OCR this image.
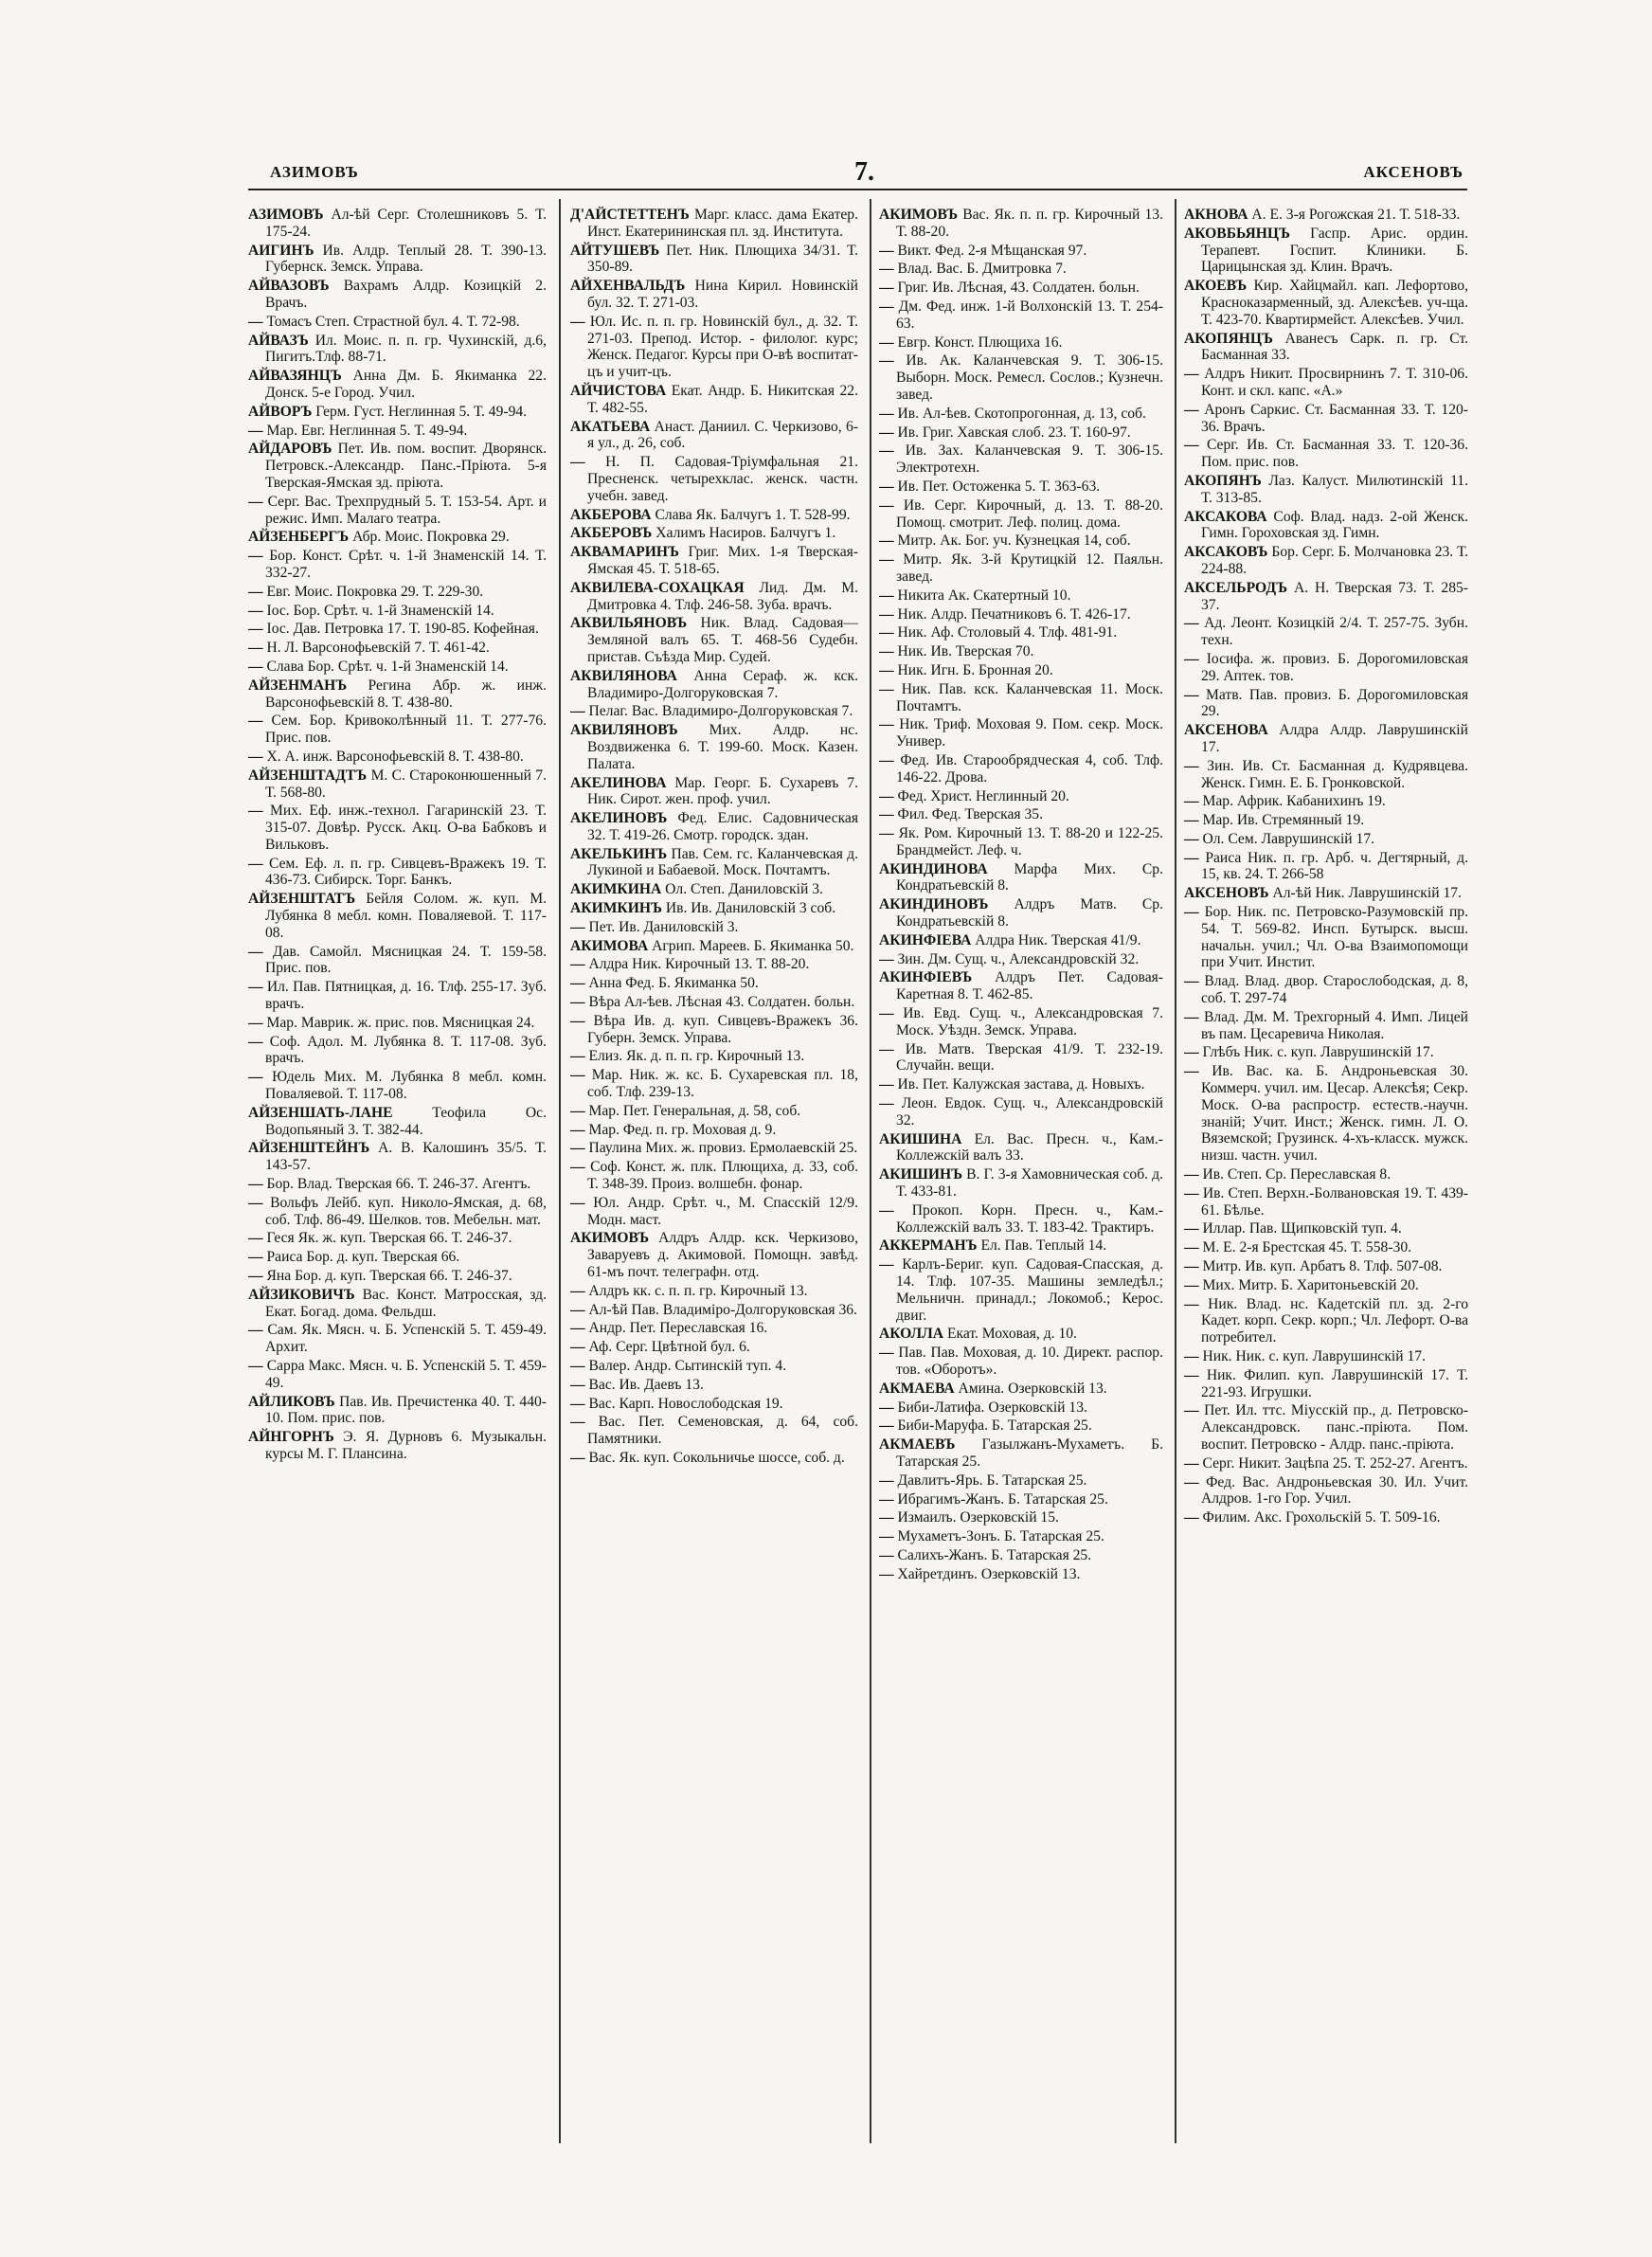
АЗИМОВЪ	7.	АКСЕНОВЪ

АЗИМОВЪ Ал-ѣй Серг. Столешниковъ 5. Т. 175-24.

АИГИНЪ Ив. Алдр. Теплый 28. Т. 390-13. Губернск. Земск. Управа.

АЙВАЗОВЪ Вахрамъ Алдр. Козицкій 2. Врачъ.

— Томасъ Степ. Страстной бул. 4. Т. 72-98.

АЙВАЗЪ Ил. Моис. п. п. гр. Чухинскій, д.6, Пигитъ.Тлф. 88-71.

АЙВАЗЯНЦЪ Анна Дм. Б. Якиманка 22. Донск. 5-е Город. Учил.

АЙВОРЪ Герм. Густ. Неглинная 5. Т. 49-94.

— Мар. Евг. Неглинная 5. Т. 49-94.

АЙДАРОВЪ Пет. Ив. пом. воспит. Дворянск. Петровск.-Александр. Панс.-Пріюта. 5-я Тверская-Ямская зд. пріюта.

— Серг. Вас. Трехпрудный 5. Т. 153-54. Арт. и режис. Имп. Малаго театра.

АЙЗЕНБЕРГЪ Абр. Моис. Покровка 29.

— Бор. Конст. Срѣт. ч. 1-й Знаменскій 14. Т. 332-27.

— Евг. Моис. Покровка 29. Т. 229-30.

— Іос. Бор. Срѣт. ч. 1-й Знаменскій 14.

— Іос. Дав. Петровка 17. Т. 190-85. Кофейная.

— Н. Л. Варсонофьевскій 7. Т. 461-42.

— Слава Бор. Срѣт. ч. 1-й Знаменскій 14.

АЙЗЕНМАНЪ Регина Абр. ж. инж. Варсонофьевскій 8. Т. 438-80.

— Сем. Бор. Кривоколѣнный 11. Т. 277-76. Прис. пов.

— Х. А. инж. Варсонофьевскій 8. Т. 438-80.

АЙЗЕНШТАДТЪ М. С. Староконюшенный 7. Т. 568-80.

— Мих. Еф. инж.-технол. Гагаринскій 23. Т. 315-07. Довѣр. Русск. Акц. О-ва Бабковъ и Вильковъ.

— Сем. Еф. л. п. гр. Сивцевъ-Вражекъ 19. Т. 436-73. Сибирск. Торг. Банкъ.

АЙЗЕНШТАТЪ Бейля Солом. ж. куп. М. Лубянка 8 мебл. комн. Поваляевой. Т. 117-08.

— Дав. Самойл. Мясницкая 24. Т. 159-58. Прис. пов.

— Ил. Пав. Пятницкая, д. 16. Тлф. 255-17. Зуб. врачъ.

— Мар. Маврик. ж. прис. пов. Мясницкая 24.

— Соф. Адол. М. Лубянка 8. Т. 117-08. Зуб. врачъ.

— Юдель Мих. М. Лубянка 8 мебл. комн. Поваляевой. Т. 117-08.

АЙЗЕНШАТЬ-ЛАНЕ	Теофила Ос. Водопьяный 3. Т. 382-44.

АЙЗЕНШТЕЙНЪ А. В. Калошинъ 35/5. Т. 143-57.

— Бор. Влад. Тверская 66. Т. 246-37. Агентъ.

— Вольфъ Лейб. куп. Николо-Ямская, д. 68, соб. Тлф. 86-49. Шелков. тов. Мебельн. мат.

— Геся Як. ж. куп. Тверская 66. Т. 246-37.

— Раиса Бор. д. куп. Тверская 66.

— Яна Бор. д. куп. Тверская 66. Т. 246-37.

АЙЗИКОВИЧЪ Вас. Конст. Матросская, зд. Екат. Богад. дома. Фельдш.

— Сам. Як. Мясн. ч. Б. Успенскій 5. Т. 459-49. Архит.

— Сарра Макс. Мясн. ч. Б. Успенскій 5. Т. 459-49.

АЙЛИКОВЪ Пав. Ив. Пречистенка 40. Т. 440-10. Пом. прис. пов.

АЙНГОРНЪ Э. Я. Дурновъ 6. Музыкальн. курсы М. Г. Плансина.

Д'АЙСТЕТТЕНЪ Марг. класс. дама Екатер. Инст. Екатерининская пл. зд. Института.

АЙТУШЕВЪ Пет. Ник. Плющиха 34/31. Т. 350-89.

АЙХЕНВАЛЬДЪ Нина Кирил. Новинскій бул. 32. Т. 271-03.

— Юл. Ис. п. п. гр. Новинскій бул., д. 32. Т. 271-03. Препод. Истор. - филолог. курс; Женск. Педагог. Курсы при О-вѣ воспитат-цъ и учит-цъ.

АЙЧИСТОВА Екат. Андр. Б. Никитская 22. Т. 482-55.

АКАТЬЕВА Анаст. Даниил. С. Черкизово, 6-я ул., д. 26, соб.

— Н. П. Садовая-Тріумфальная 21. Пресненск. четырехклас. женск. частн. учебн. завед.

АКБЕРОВА Слава Як. Балчугъ 1. Т. 528-99.

АКБЕРОВЪ Халимъ Насиров. Балчугъ 1.

АКВАМАРИНЪ Григ. Мих. 1-я Тверская-Ямская 45. Т. 518-65.

АКВИЛЕВА-СОХАЦКАЯ Лид. Дм. М. Дмитровка 4. Тлф. 246-58. Зуба. врачъ.

АКВИЛЬЯНОВЪ Ник. Влад. Садовая—Земляной валъ 65. Т. 468-56 Судебн. пристав. Съѣзда Мир. Судей.

АКВИЛЯНОВА Анна Сераф. ж. кск. Владимиро-Долгоруковская 7.

— Пелаг. Вас. Владимиро-Долгоруковская 7.

АКВИЛЯНОВЪ Мих. Алдр. нс. Воздвиженка 6. Т. 199-60. Моск. Казен. Палата.

АКЕЛИНОВА Мар. Георг. Б. Сухаревъ 7. Ник. Сирот. жен. проф. учил.

АКЕЛИНОВЪ Фед. Елис. Садовническая 32. Т. 419-26. Смотр. городск. здан.

АКЕЛЬКИНЪ Пав. Сем. гс. Каланчевская д. Лукиной и Бабаевой. Моск. Почтамтъ.

АКИМКИНА Ол. Степ. Даниловскій 3.

АКИМКИНЪ Ив. Ив. Даниловскій 3 соб.

— Пет. Ив. Даниловскій 3.

АКИМОВА Агрип. Мареев. Б. Якиманка 50.

— Алдра Ник. Кирочный 13. Т. 88-20.

— Анна Фед. Б. Якиманка 50.

— Вѣра Ал-ѣев. Лѣсная 43. Солдатен. больн.

— Вѣра Ив. д. куп. Сивцевъ-Вражекъ 36. Губерн. Земск. Управа.

— Елиз. Як. д. п. п. гр. Кирочный 13.

— Мар. Ник. ж. кс. Б. Сухаревская пл. 18, соб. Тлф. 239-13.

— Мар. Пет. Генеральная, д. 58, соб.

— Мар. Фед. п. гр. Моховая д. 9.

— Паулина Мих. ж. провиз. Ермолаевскій 25.

— Соф. Конст. ж. плк. Плющиха, д. 33, соб. Т. 348-39. Произ. волшебн. фонар.

— Юл. Андр. Срѣт. ч., М. Спасскій 12/9. Модн. маст.

АКИМОВЪ Алдръ Алдр. кск. Черкизово, Заваруевъ д. Акимовой. Помощн. завѣд. 61-мъ почт. телеграфн. отд.

— Алдръ кк. с. п. п. гр. Кирочный 13.

— Ал-ѣй Пав. Владиміро-Долгоруковская 36.

— Андр. Пет. Переславская 16.

— Аф. Серг. Цвѣтной бул. 6.

— Валер. Андр. Сытинскій туп. 4.

— Вас. Ив. Даевъ 13.

— Вас. Карп. Новослободская 19.

— Вас. Пет. Семеновская, д. 64, соб. Памятники.

— Вас. Як. куп. Сокольничье шоссе, соб. д.

АКИМОВЪ Вас. Як. п. п. гр. Кирочный 13. Т. 88-20.

— Викт. Фед. 2-я Мѣщанская 97.

— Влад. Вас. Б. Дмитровка 7.

— Григ. Ив. Лѣсная, 43. Солдатен. больн.

— Дм. Фед. инж. 1-й Волхонскій 13. Т. 254-63.

— Евгр. Конст. Плющиха 16.

— Ив. Ак. Каланчевская 9. Т. 306-15. Выборн. Моск. Ремесл. Сослов.; Кузнечн. завед.

— Ив. Ал-ѣев. Скотопрогонная, д. 13, соб.

— Ив. Григ. Хавская слоб. 23. Т. 160-97.

— Ив. Зах. Каланчевская 9. Т. 306-15. Электротехн.

— Ив. Пет. Остоженка 5. Т. 363-63.

— Ив. Серг. Кирочный, д. 13. Т. 88-20. Помощ. смотрит. Леф. полиц. дома.

— Митр. Ак. Бог. уч. Кузнецкая 14, соб.

— Митр. Як. 3-й Крутицкій 12. Паяльн. завед.

— Никита Ак. Скатертный 10.

— Ник. Алдр. Печатниковъ 6. Т. 426-17.

— Ник. Аф. Столовый 4. Тлф. 481-91.

— Ник. Ив. Тверская 70.

— Ник. Игн. Б. Бронная 20.

— Ник. Пав. кск. Каланчевская 11. Моск. Почтамтъ.

— Ник. Триф. Моховая 9. Пом. секр. Моск. Универ.

— Фед. Ив. Старообрядческая 4, соб. Тлф. 146-22. Дрова.

— Фед. Христ. Неглинный 20.

— Фил. Фед. Тверская 35.

— Як. Ром. Кирочный 13. Т. 88-20 и 122-25. Брандмейст. Леф. ч.

АКИНДИНОВА Марфа Мих. Ср. Кондратьевскій 8.

АКИНДИНОВЪ Алдръ Матв. Ср. Кондратьевскій 8.

АКИНФІЕВА Алдра Ник. Тверская 41/9.

— Зин. Дм. Сущ. ч., Александровскій 32.

АКИНФІЕВЪ Алдръ Пет. Садовая-Каретная 8. Т. 462-85.

— Ив. Евд. Сущ. ч., Александровская 7. Моск. Уѣздн. Земск. Управа.

— Ив. Матв. Тверская 41/9. Т. 232-19. Случайн. вещи.

— Ив. Пет. Калужская застава, д. Новыхъ.

— Леон. Евдок. Сущ. ч., Александровскій 32.

АКИШИНА Ел. Вас. Пресн. ч., Кам.-Коллежскій валъ 33.

АКИШИНЪ В. Г. 3-я Хамовническая соб. д. Т. 433-81.

— Прокоп. Корн. Пресн. ч., Кам.-Коллежскій валъ 33. Т. 183-42. Трактиръ.

АККЕРМАНЪ Ел. Пав. Теплый 14.

— Карлъ-Бериг. куп. Садовая-Спасская, д. 14. Тлф. 107-35. Машины земледѣл.; Мельничн. принадл.; Локомоб.; Керос. двиг.

АКОЛЛА Екат. Моховая, д. 10.

— Пав. Пав. Моховая, д. 10. Директ. распор. тов. «Оборотъ».

АКМАЕВА Амина. Озерковскій 13.

— Биби-Латифа. Озерковскій 13.

— Биби-Маруфа. Б. Татарская 25.

АКМАЕВЪ Газылжанъ-Мухаметъ. Б. Татарская 25.

— Давлитъ-Ярь. Б. Татарская 25.

— Ибрагимъ-Жанъ. Б. Татарская 25.

— Измаилъ. Озерковскій 15.

— Мухаметъ-Зонъ. Б. Татарская 25.

— Салихъ-Жанъ. Б. Татарская 25.

— Хайретдинъ. Озерковскій 13.

АКНОВА А. Е. 3-я Рогожская 21. Т. 518-33.

АКОВБЬЯНЦЪ Гаспр. Арис. ордин. Терапевт. Госпит. Клиники. Б. Царицынская зд. Клин. Врачъ.

АКОЕВЪ Кир. Хайцмайл. кап. Лефортово, Красноказарменный, зд. Алексѣев. уч-ща. Т. 423-70. Квартирмейст. Алексѣев. Учил.

АКОПЯНЦЪ Аванесъ Сарк. п. гр. Ст. Басманная 33.

— Алдръ Никит. Просвирнинъ 7. Т. 310-06. Конт. и скл. капс. «А.»

— Аронъ Саркис. Ст. Басманная 33. Т. 120-36. Врачъ.

— Серг. Ив. Ст. Басманная 33. Т. 120-36. Пом. прис. пов.

АКОПЯНЪ Лаз. Калуст. Милютинскій 11. Т. 313-85.

АКСАКОВА Соф. Влад. надз. 2-ой Женск. Гимн. Гороховская зд. Гимн.

АКСАКОВЪ Бор. Серг. Б. Молчановка 23. Т. 224-88.

АКСЕЛЬРОДЪ А. Н. Тверская 73. Т. 285-37.

— Ад. Леонт. Козицкій 2/4. Т. 257-75. Зубн. техн.

— Іосифа. ж. провиз. Б. Дорогомиловская 29. Аптек. тов.

— Матв. Пав. провиз. Б. Дорогомиловская 29.

АКСЕНОВА Алдра Алдр. Лаврушинскій 17.

— Зин. Ив. Ст. Басманная д. Кудрявцева. Женск. Гимн. Е. Б. Гронковской.

— Мар. Африк. Кабанихинъ 19.

— Мар. Ив. Стремянный 19.

— Ол. Сем. Лаврушинскій 17.

— Раиса Ник. п. гр. Арб. ч. Дегтярный, д. 15, кв. 24. Т. 266-58

АКСЕНОВЪ Ал-ѣй Ник. Лаврушинскій 17.

— Бор. Ник. пс. Петровско-Разумовскій пр. 54. Т. 569-82. Инсп. Бутырск. высш. начальн. учил.; Чл. О-ва Взаимопомощи при Учит. Инстит.

— Влад. Влад. двор. Старослободская, д. 8, соб. Т. 297-74

— Влад. Дм. М. Трехгорный 4. Имп. Лицей въ пам. Цесаревича Николая.

— Глѣбъ Ник. с. куп. Лаврушинскій 17.

— Ив. Вас. ка. Б. Андроньевская 30. Коммерч. учил. им. Цесар. Алексѣя; Секр. Моск. О-ва распростр. естеств.-научн. знаній; Учит. Инст.; Женск. гимн. Л. О. Вяземской; Грузинск. 4-хъ-класск. мужск. низш. частн. учил.

— Ив. Степ. Ср. Переславская 8.

— Ив. Степ. Верхн.-Болвановская 19. Т. 439-61. Бѣлье.

— Иллар. Пав. Щипковскій туп. 4.

— М. Е. 2-я Брестская 45. Т. 558-30.

— Митр. Ив. куп. Арбатъ 8. Тлф. 507-08.

— Мих. Митр. Б. Харитоньевскій 20.

— Ник. Влад. нс. Кадетскій пл. зд. 2-го Кадет. корп. Секр. корп.; Чл. Лефорт. О-ва потребител.

— Ник. Ник. с. куп. Лаврушинскій 17.

— Ник. Филип. куп. Лаврушинскій 17. Т. 221-93. Игрушки.

— Пет. Ил. ттс. Міусскій пр., д. Петровско-Александровск. панс.-пріюта. Пом. воспит. Петровско - Алдр. панс.-пріюта.

— Серг. Никит. Зацѣпа 25. Т. 252-27. Агентъ.

— Фед. Вас. Андроньевская 30. Ил. Учит. Алдров. 1-го Гор. Учил.

— Филим. Акс. Грохольскій 5. Т. 509-16.
